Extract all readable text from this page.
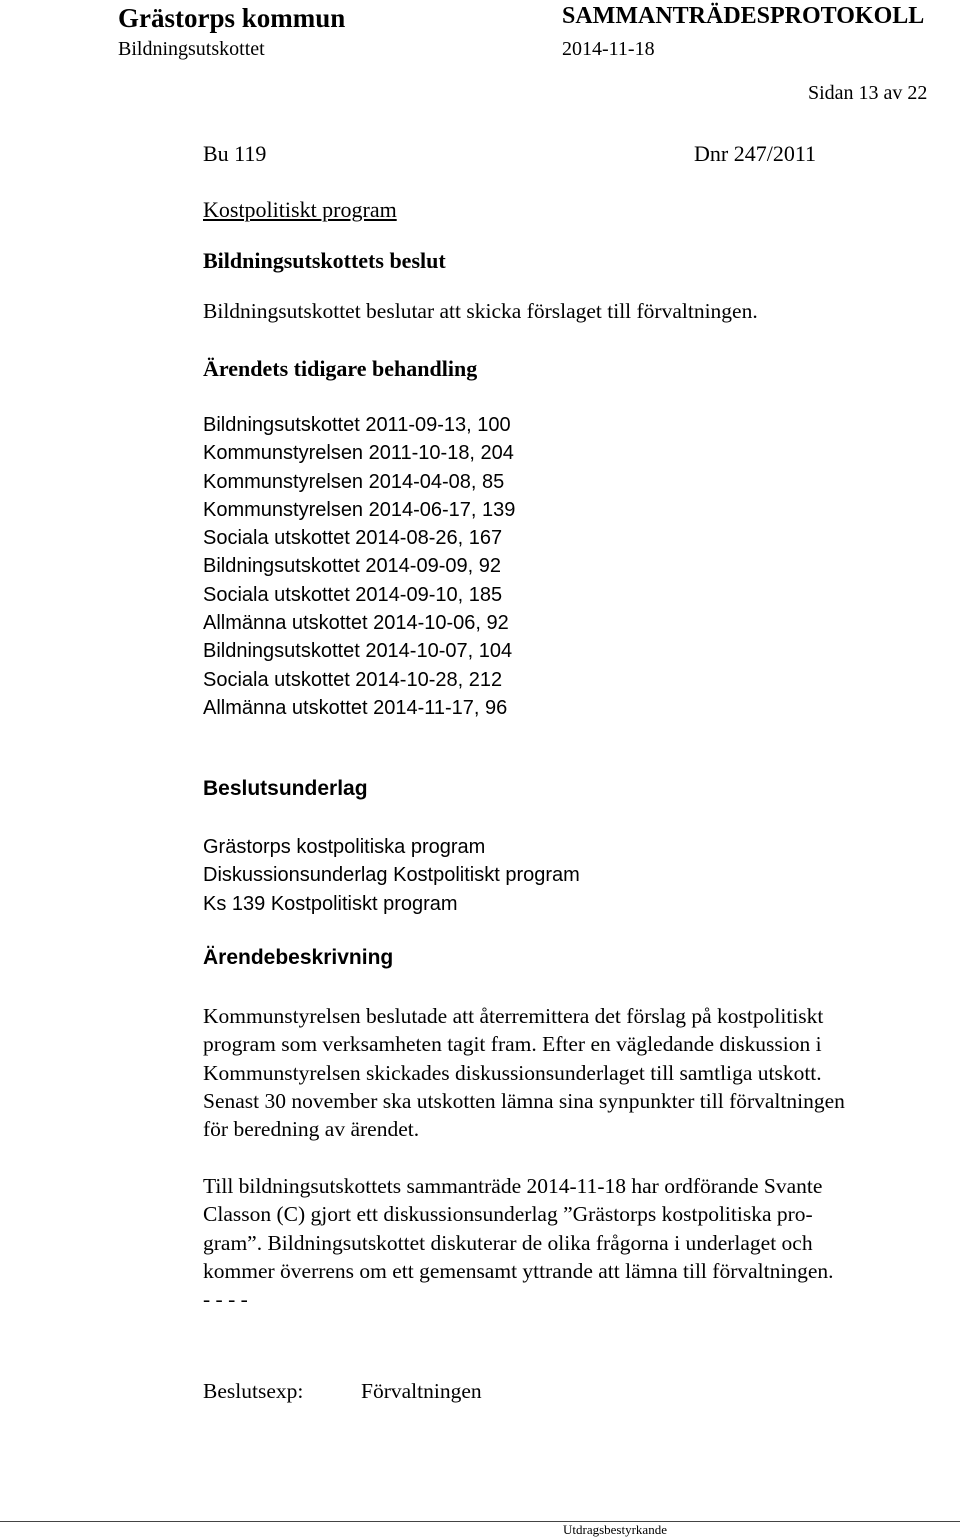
Grästorps kommun
Bildningsutskottet
SAMMANTRÄDESPROTOKOLL
2014-11-18
Sidan 13 av 22
Bu 119	Dnr 247/2011
Kostpolitiskt program
Bildningsutskottets beslut
Bildningsutskottet beslutar att skicka förslaget till förvaltningen.
Ärendets tidigare behandling
Bildningsutskottet 2011-09-13, 100
Kommunstyrelsen 2011-10-18, 204
Kommunstyrelsen 2014-04-08, 85
Kommunstyrelsen 2014-06-17, 139
Sociala utskottet 2014-08-26, 167
Bildningsutskottet 2014-09-09, 92
Sociala utskottet 2014-09-10, 185
Allmänna utskottet 2014-10-06, 92
Bildningsutskottet 2014-10-07, 104
Sociala utskottet 2014-10-28, 212
Allmänna utskottet 2014-11-17, 96
Beslutsunderlag
Grästorps kostpolitiska program
Diskussionsunderlag Kostpolitiskt program
Ks 139 Kostpolitiskt program
Ärendebeskrivning
Kommunstyrelsen beslutade att återremittera det förslag på kostpolitiskt
program som verksamheten tagit fram. Efter en vägledande diskussion i
Kommunstyrelsen skickades diskussionsunderlaget till samtliga utskott.
Senast 30 november ska utskotten lämna sina synpunkter till förvaltningen
för beredning av ärendet.
Till bildningsutskottets sammanträde 2014-11-18 har ordförande Svante
Classon (C) gjort ett diskussionsunderlag ”Grästorps kostpolitiska pro-
gram”. Bildningsutskottet diskuterar de olika frågorna i underlaget och
kommer överrens om ett gemensamt yttrande att lämna till förvaltningen.
- - - -
Beslutsexp:	Förvaltningen
Utdragsbestyrkande
